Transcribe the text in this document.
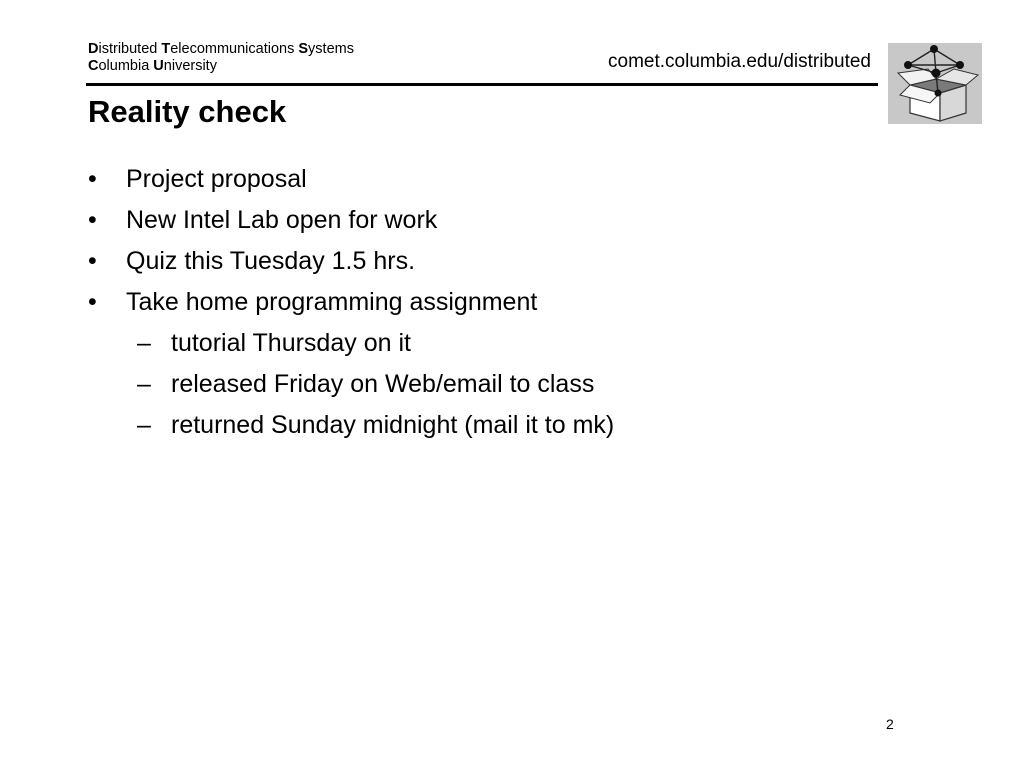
Distributed Telecommunications Systems
Columbia University	comet.columbia.edu/distributed
Reality check
• Project proposal
• New Intel Lab open for work
• Quiz this Tuesday 1.5 hrs.
• Take home programming assignment
– tutorial Thursday on it
– released Friday on Web/email to class
– returned Sunday midnight (mail it to mk)
2
